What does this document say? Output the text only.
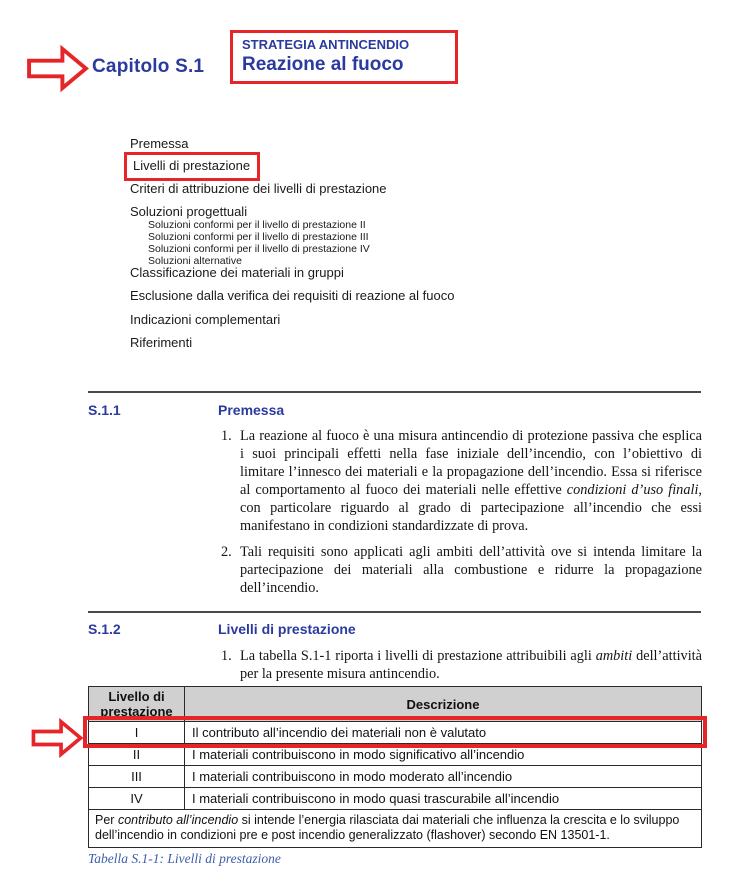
Capitolo S.1
STRATEGIA ANTINCENDIO
Reazione al fuoco
Premessa
Livelli di prestazione
Criteri di attribuzione dei livelli di prestazione
Soluzioni progettuali
Soluzioni conformi per il livello di prestazione II
Soluzioni conformi per il livello di prestazione III
Soluzioni conformi per il livello di prestazione IV
Soluzioni alternative
Classificazione dei materiali in gruppi
Esclusione dalla verifica dei requisiti di reazione al fuoco
Indicazioni complementari
Riferimenti
S.1.1	Premessa
1. La reazione al fuoco è una misura antincendio di protezione passiva che esplica i suoi principali effetti nella fase iniziale dell’incendio, con l’obiettivo di limitare l’innesco dei materiali e la propagazione dell’incendio. Essa si riferisce al comportamento al fuoco dei materiali nelle effettive condizioni d’uso finali, con particolare riguardo al grado di partecipazione all’incendio che essi manifestano in condizioni standardizzate di prova.
2. Tali requisiti sono applicati agli ambiti dell’attività ove si intenda limitare la partecipazione dei materiali alla combustione e ridurre la propagazione dell’incendio.
S.1.2	Livelli di prestazione
1. La tabella S.1-1 riporta i livelli di prestazione attribuibili agli ambiti dell’attività per la presente misura antincendio.
Livello di
prestazione	Descrizione
I	Il contributo all’incendio dei materiali non è valutato
II	I materiali contribuiscono in modo significativo all’incendio
III	I materiali contribuiscono in modo moderato all’incendio
IV	I materiali contribuiscono in modo quasi trascurabile all’incendio
Per contributo all’incendio si intende l’energia rilasciata dai materiali che influenza la crescita e lo sviluppo dell’incendio in condizioni pre e post incendio generalizzato (flashover) secondo EN 13501-1.	
Tabella S.1-1: Livelli di prestazione
